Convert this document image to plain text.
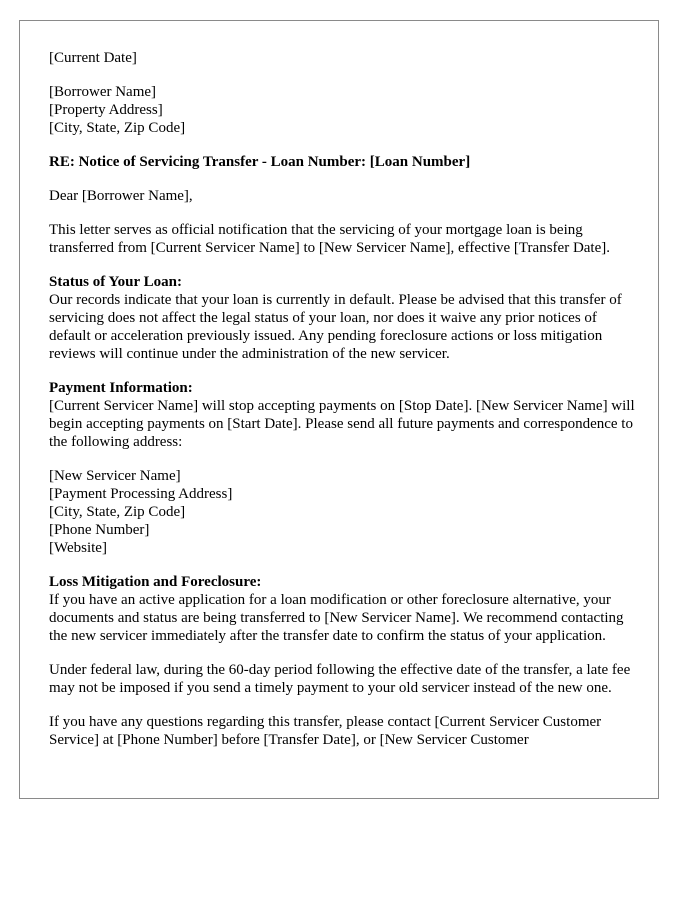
[Current Date]

[Borrower Name]
[Property Address]
[City, State, Zip Code]

RE: Notice of Servicing Transfer - Loan Number: [Loan Number]

Dear [Borrower Name],

This letter serves as official notification that the servicing of your mortgage loan is being transferred from [Current Servicer Name] to [New Servicer Name], effective [Transfer Date].

Status of Your Loan:
Our records indicate that your loan is currently in default. Please be advised that this transfer of servicing does not affect the legal status of your loan, nor does it waive any prior notices of default or acceleration previously issued. Any pending foreclosure actions or loss mitigation reviews will continue under the administration of the new servicer.
Payment Information:
[Current Servicer Name] will stop accepting payments on [Stop Date]. [New Servicer Name] will begin accepting payments on [Start Date]. Please send all future payments and correspondence to the following address:
[New Servicer Name]
[Payment Processing Address]
[City, State, Zip Code]
[Phone Number]
[Website]
Loss Mitigation and Foreclosure:
If you have an active application for a loan modification or other foreclosure alternative, your documents and status are being transferred to [New Servicer Name]. We recommend contacting the new servicer immediately after the transfer date to confirm the status of your application.

Under federal law, during the 60-day period following the effective date of the transfer, a late fee may not be imposed if you send a timely payment to your old servicer instead of the new one.

If you have any questions regarding this transfer, please contact [Current Servicer Customer Service] at [Phone Number] before [Transfer Date], or [New Servicer Customer
